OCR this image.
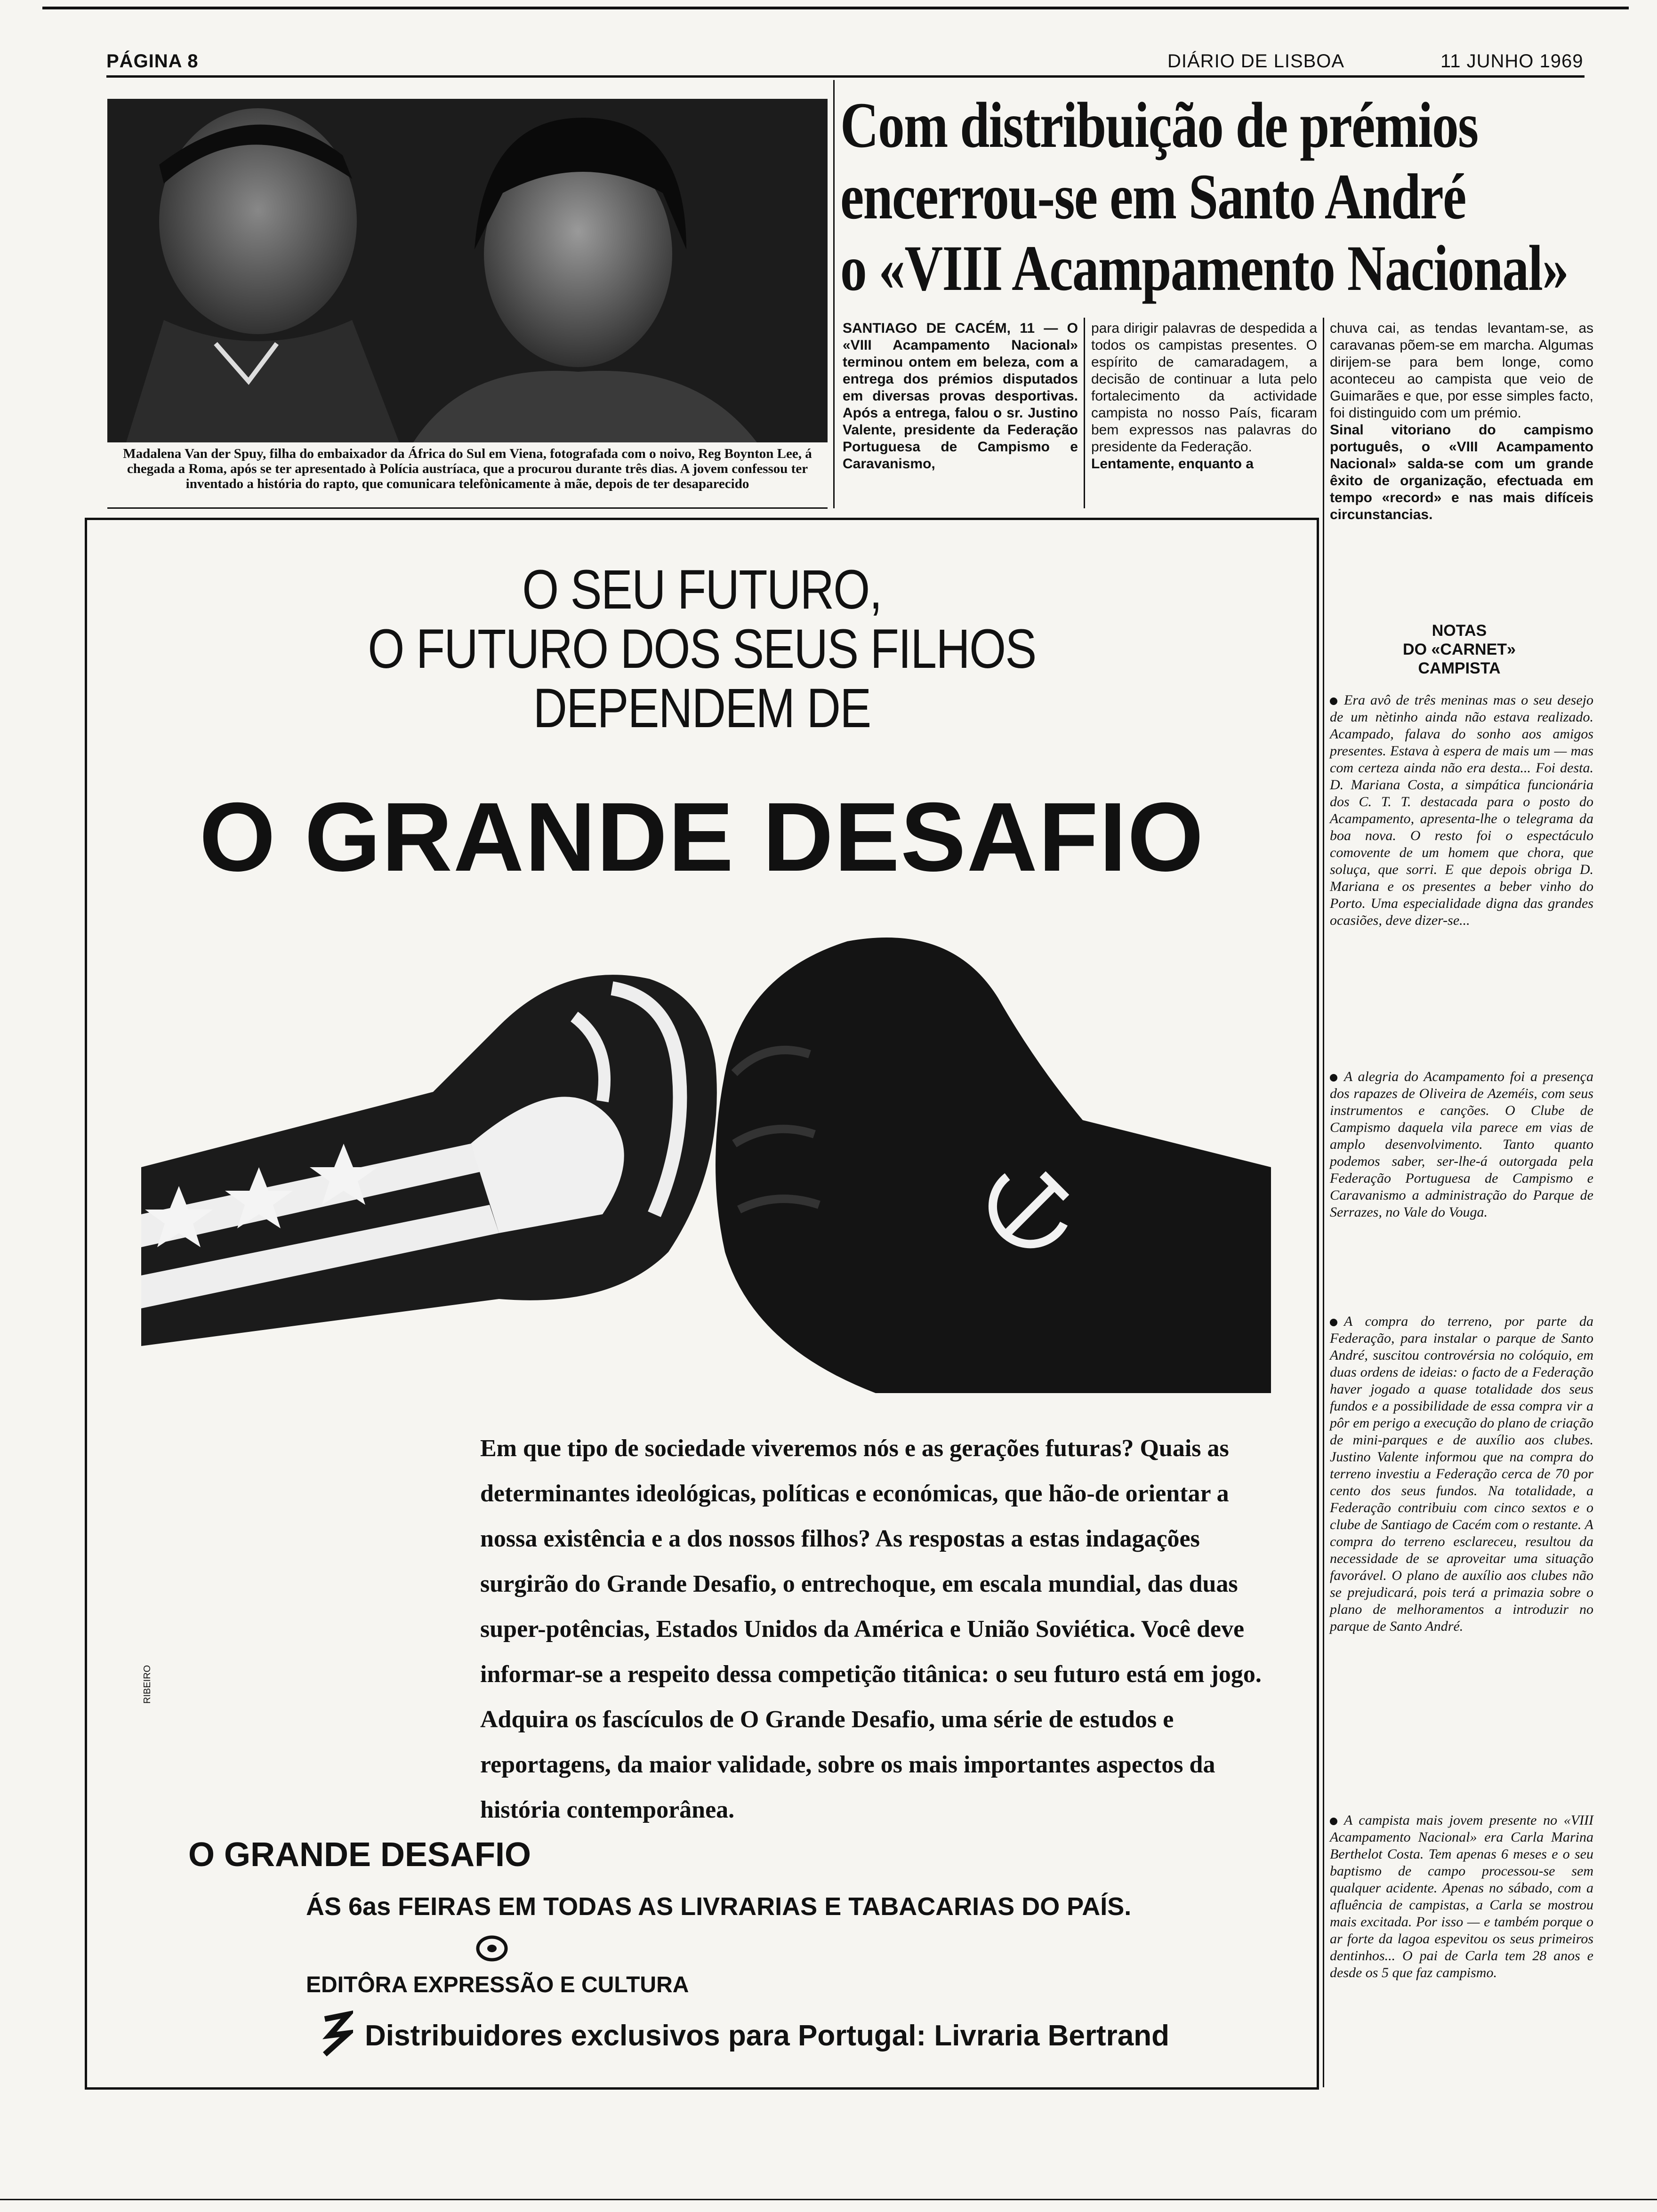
PÁGINA 8	DIÁRIO DE LISBOA	11 JUNHO 1969
Madalena Van der Spuy, filha do embaixador da África do Sul em Viena, fotografada com o noivo, Reg Boynton Lee, á chegada a Roma, após se ter apresentado à Polícia austríaca, que a procurou durante três dias. A jovem confessou ter inventado a história do rapto, que comunicara telefònicamente à mãe, depois de ter desaparecido
Com distribuição de prémios
encerrou-se em Santo André
o «VIII Acampamento Nacional»
SANTIAGO DE CACÉM, 11 — O «VIII Acampamento Nacional» terminou ontem em beleza, com a entrega dos prémios disputados em diversas provas desportivas. Após a entrega, falou o sr. Justino Valente, presidente da Federação Portuguesa de Campismo e Caravanismo,
para dirigir palavras de despedida a todos os campistas presentes. O espírito de camaradagem, a decisão de continuar a luta pelo fortalecimento da actividade campista no nosso País, ficaram bem expressos nas palavras do presidente da Federação.
Lentamente, enquanto a
chuva cai, as tendas levantam-se, as caravanas põem-se em marcha. Algumas dirijem-se para bem longe, como aconteceu ao campista que veio de Guimarães e que, por esse simples facto, foi distinguido com um prémio.
Sinal vitoriano do campismo português, o «VIII Acampamento Nacional» salda-se com um grande êxito de organização, efectuada em tempo «record» e nas mais difíceis circunstancias.
O SEU FUTURO,
O FUTURO DOS SEUS FILHOS
DEPENDEM DE
O GRANDE DESAFIO
RIBEIRO
Em que tipo de sociedade viveremos nós e as gerações futuras? Quais as determinantes ideológicas, políticas e económicas, que hão-de orientar a nossa existência e a dos nossos filhos? As respostas a estas indagações surgirão do Grande Desafio, o entrechoque, em escala mundial, das duas super-potências, Estados Unidos da América e União Soviética. Você deve informar-se a respeito dessa competição titânica: o seu futuro está em jogo. Adquira os fascículos de O Grande Desafio, uma série de estudos e reportagens, da maior validade, sobre os mais importantes aspectos da história contemporânea.
O GRANDE DESAFIO
ÁS 6as FEIRAS EM TODAS AS LIVRARIAS E TABACARIAS DO PAÍS.
EDITÔRA EXPRESSÃO E CULTURA
Distribuidores exclusivos para Portugal: Livraria Bertrand
NOTAS
DO «CARNET»
CAMPISTA
Era avô de três meninas mas o seu desejo de um nètinho ainda não estava realizado. Acampado, falava do sonho aos amigos presentes. Estava à espera de mais um — mas com certeza ainda não era desta... Foi desta. D. Mariana Costa, a simpática funcionária dos C. T. T. destacada para o posto do Acampamento, apresenta-lhe o telegrama da boa nova. O resto foi o espectáculo comovente de um homem que chora, que soluça, que sorri. E que depois obriga D. Mariana e os presentes a beber vinho do Porto. Uma especialidade digna das grandes ocasiões, deve dizer-se...
A alegria do Acampamento foi a presença dos rapazes de Oliveira de Azeméis, com seus instrumentos e canções. O Clube de Campismo daquela vila parece em vias de amplo desenvolvimento. Tanto quanto podemos saber, ser-lhe-á outorgada pela Federação Portuguesa de Campismo e Caravanismo a administração do Parque de Serrazes, no Vale do Vouga.
A compra do terreno, por parte da Federação, para instalar o parque de Santo André, suscitou controvérsia no colóquio, em duas ordens de ideias: o facto de a Federação haver jogado a quase totalidade dos seus fundos e a possibilidade de essa compra vir a pôr em perigo a execução do plano de criação de mini-parques e de auxílio aos clubes. Justino Valente informou que na compra do terreno investiu a Federação cerca de 70 por cento dos seus fundos. Na totalidade, a Federação contribuiu com cinco sextos e o clube de Santiago de Cacém com o restante. A compra do terreno esclareceu, resultou da necessidade de se aproveitar uma situação favorável. O plano de auxílio aos clubes não se prejudicará, pois terá a primazia sobre o plano de melhoramentos a introduzir no parque de Santo André.
A campista mais jovem presente no «VIII Acampamento Nacional» era Carla Marina Berthelot Costa. Tem apenas 6 meses e o seu baptismo de campo processou-se sem qualquer acidente. Apenas no sábado, com a afluência de campistas, a Carla se mostrou mais excitada. Por isso — e também porque o ar forte da lagoa espevitou os seus primeiros dentinhos... O pai de Carla tem 28 anos e desde os 5 que faz campismo.
